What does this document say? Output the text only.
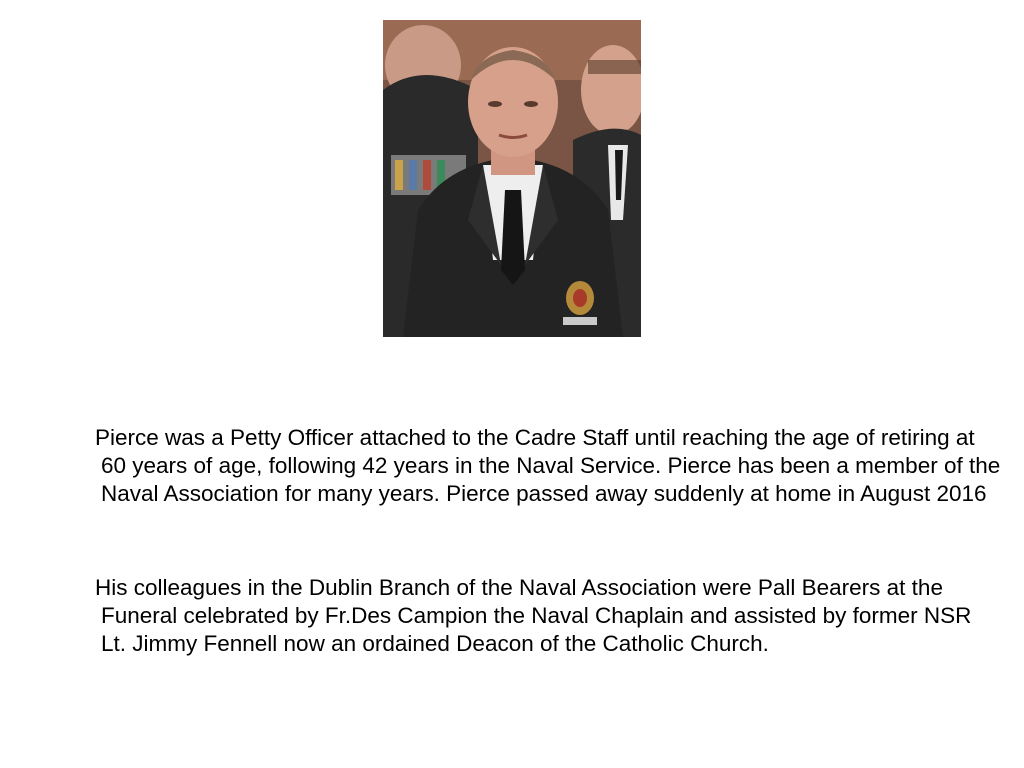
Pierce was a Petty Officer attached to the Cadre Staff until reaching the age of retiring at 60 years of age, following 42 years in the Naval Service. Pierce has been a member of the Naval Association for many years. Pierce passed away suddenly at home in August 2016

His colleagues in the Dublin Branch of the Naval Association were Pall Bearers at the Funeral celebrated by Fr.Des Campion the Naval Chaplain and assisted by former NSR  Lt. Jimmy Fennell now an ordained Deacon of the Catholic Church.
